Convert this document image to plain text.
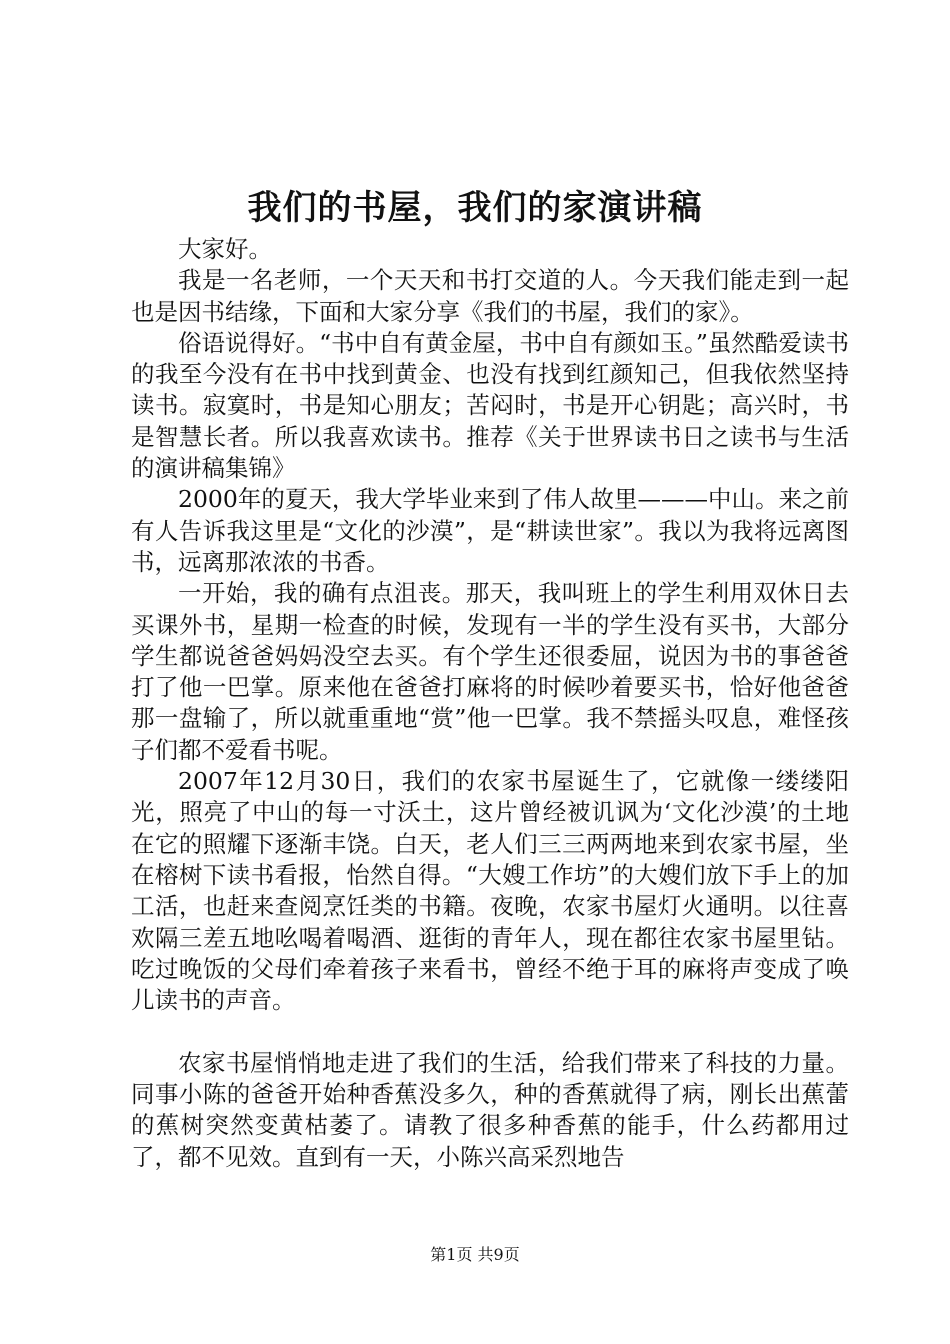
我们的书屋，我们的家演讲稿

大家好。

我是一名老师，一个天天和书打交道的人。今天我们能走到一起也是因书结缘，下面和大家分享《我们的书屋，我们的家》。

俗语说得好。“书中自有黄金屋，书中自有颜如玉。”虽然酷爱读书的我至今没有在书中找到黄金、也没有找到红颜知己，但我依然坚持读书。寂寞时，书是知心朋友；苦闷时，书是开心钥匙；高兴时，书是智慧长者。所以我喜欢读书。推荐《关于世界读书日之读书与生活的演讲稿集锦》

2000年的夏天，我大学毕业来到了伟人故里———中山。来之前有人告诉我这里是“文化的沙漠”，是“耕读世家”。我以为我将远离图书，远离那浓浓的书香。

一开始，我的确有点沮丧。那天，我叫班上的学生利用双休日去买课外书，星期一检查的时候，发现有一半的学生没有买书，大部分学生都说爸爸妈妈没空去买。有个学生还很委屈，说因为书的事爸爸打了他一巴掌。原来他在爸爸打麻将的时候吵着要买书，恰好他爸爸那一盘输了，所以就重重地“赏”他一巴掌。我不禁摇头叹息，难怪孩子们都不爱看书呢。

2007年12月30日，我们的农家书屋诞生了，它就像一缕缕阳光，照亮了中山的每一寸沃土，这片曾经被讥讽为‘文化沙漠’的土地在它的照耀下逐渐丰饶。白天，老人们三三两两地来到农家书屋，坐在榕树下读书看报，怡然自得。“大嫂工作坊”的大嫂们放下手上的加工活，也赶来查阅烹饪类的书籍。夜晚，农家书屋灯火通明。以往喜欢隔三差五地吆喝着喝酒、逛街的青年人，现在都往农家书屋里钻。吃过晚饭的父母们牵着孩子来看书，曾经不绝于耳的麻将声变成了唤儿读书的声音。

农家书屋悄悄地走进了我们的生活，给我们带来了科技的力量。同事小陈的爸爸开始种香蕉没多久，种的香蕉就得了病，刚长出蕉蕾的蕉树突然变黄枯萎了。请教了很多种香蕉的能手，什么药都用过了，都不见效。直到有一天，小陈兴高采烈地告

第1页 共9页
